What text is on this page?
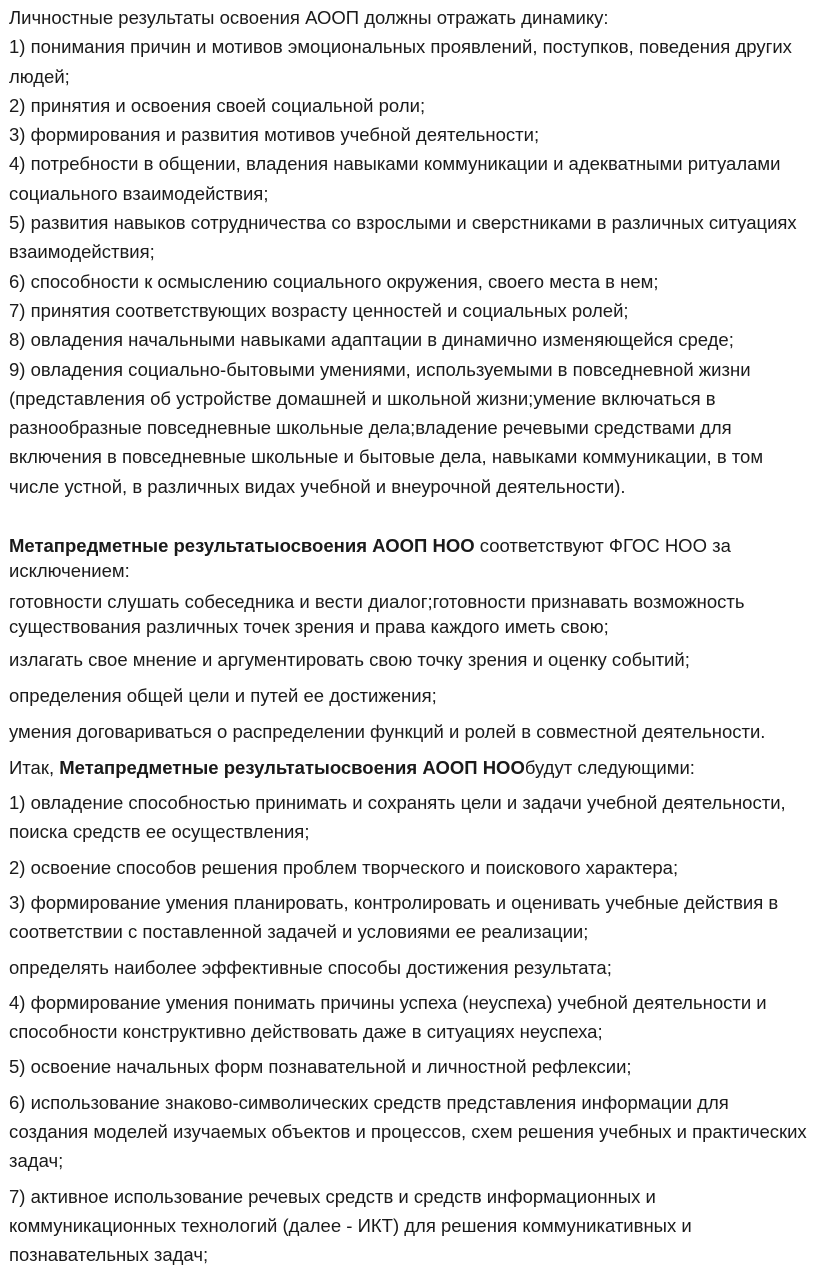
Личностные результаты освоения АООП должны отражать динамику:

1) понимания причин и мотивов эмоциональных проявлений, поступков, поведения других людей;

2) принятия и освоения своей социальной роли;

3) формирования и развития мотивов учебной деятельности;

4) потребности в общении, владения навыками коммуникации и адекватными ритуалами социального взаимодействия;

5) развития навыков сотрудничества со взрослыми и сверстниками в различных ситуациях взаимодействия;

6) способности к осмыслению социального окружения, своего места в нем;

7) принятия соответствующих возрасту ценностей и социальных ролей;

8) овладения начальными навыками адаптации в динамично изменяющейся среде;

9) овладения социально-бытовыми умениями, используемыми в повседневной жизни (представления об устройстве домашней и школьной жизни;умение включаться в разнообразные повседневные школьные дела;владение речевыми средствами для включения в повседневные школьные и бытовые дела, навыками коммуникации, в том числе устной, в различных видах учебной и внеурочной деятельности).

Метапредметные результатыосвоения АООП НОО соответствуют ФГОС НОО за исключением:

готовности слушать собеседника и вести диалог;готовности признавать возможность существования различных точек зрения и права каждого иметь свою;

излагать свое мнение и аргументировать свою точку зрения и оценку событий;

определения общей цели и путей ее достижения;

умения договариваться о распределении функций и ролей в совместной деятельности.

Итак, Метапредметные результатыосвоения АООП НООбудут следующими:

1) овладение способностью принимать и сохранять цели и задачи учебной деятельности, поиска средств ее осуществления;

2) освоение способов решения проблем творческого и поискового характера;

3) формирование умения планировать, контролировать и оценивать учебные действия в соответствии с поставленной задачей и условиями ее реализации;

определять наиболее эффективные способы достижения результата;

4) формирование умения понимать причины успеха (неуспеха) учебной деятельности и способности конструктивно действовать даже в ситуациях неуспеха;

5) освоение начальных форм познавательной и личностной рефлексии;

6) использование знаково-символических средств представления информации для создания моделей изучаемых объектов и процессов, схем решения учебных и практических задач;

7) активное использование речевых средств и средств информационных и коммуникационных технологий (далее - ИКТ) для решения коммуникативных и познавательных задач;
